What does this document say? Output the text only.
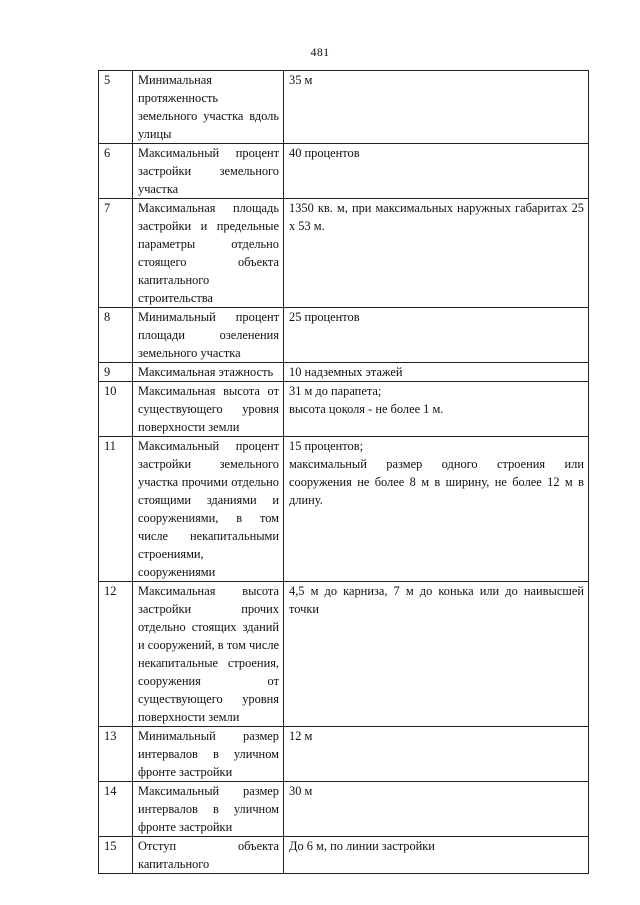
481
5	Минимальная протяженность земельного участка вдоль улицы	35 м

6	Максимальный процент застройки земельного участка	40 процентов

7	Максимальная площадь застройки и предельные параметры отдельно стоящего объекта капитального строительства	1350 кв. м, при максимальных наружных габаритах 25 x 53 м.

8	Минимальный процент площади озеленения земельного участка	25 процентов

9	Максимальная этажность	10 надземных этажей

10	Максимальная высота от существующего уровня поверхности земли	31 м до парапета;
высота цоколя - не более 1 м.

11	Максимальный процент застройки земельного участка прочими отдельно стоящими зданиями и сооружениями, в том числе некапитальными строениями, сооружениями	15 процентов;
максимальный размер одного строения или сооружения не более 8 м в ширину, не более 12 м в длину.

12	Максимальная высота застройки прочих отдельно стоящих зданий и сооружений, в том числе некапитальные строения, сооружения от существующего уровня поверхности земли	4,5 м до карниза, 7 м до конька или до наивысшей точки

13	Минимальный размер интервалов в уличном фронте застройки	12 м

14	Максимальный размер интервалов в уличном фронте застройки	30 м

15	Отступ объекта капитального	До 6 м, по линии застройки
